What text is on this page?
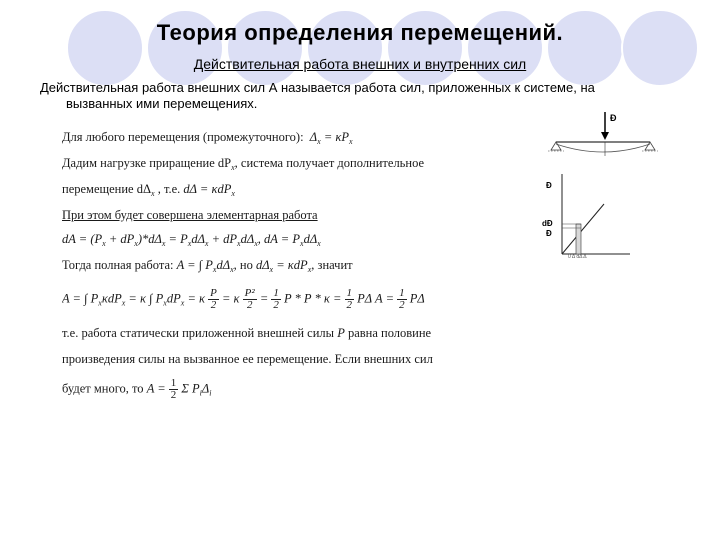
Теория определения перемещений.
Действительная работа внешних и внутренних сил
Действительная работа внешних сил А называется работа сил, приложенных к системе, на
вызванных ими перемещениях.
Для любого перемещения (промежуточного): $\Delta_x = \kappa P_x$
Дадим нагрузке приращение $dP_x$, система получает дополнительное
перемещение $d\Delta_x$ , т.е. dΔ = κdP$_x$
При этом будет совершена элементарная работа
dA = $(P_x + dP_x)*d\Delta_x = P_xd\Delta_x + dP_xd\Delta_x$, dA = $P_xd\Delta_x$
Тогда полная работа: A = ∫ $P_xd\Delta_x$, но $d\Delta_x = \kappa dP_x$, значит
A = ∫ $P_x\kappa dP_x = \kappa$ ∫ $P_xdP_x = \kappa \frac{P}{2} = \kappa \frac{\text{P²}}{2} = \frac{1}{2}$ $P * P * \kappa = \frac{1}{2}$ PΔ $A = \frac{1}{2}$ PΔ
т.е. работа статически приложенной внешней силы P равна половине
произведения силы на вызванное ее перемещение. Если внешних сил
будет много, то $A = \frac{1}{2}$ Σ $P_i\Delta_i$
Ð
Ð
dÐ
Ð
0 Δ dΔ Δ
